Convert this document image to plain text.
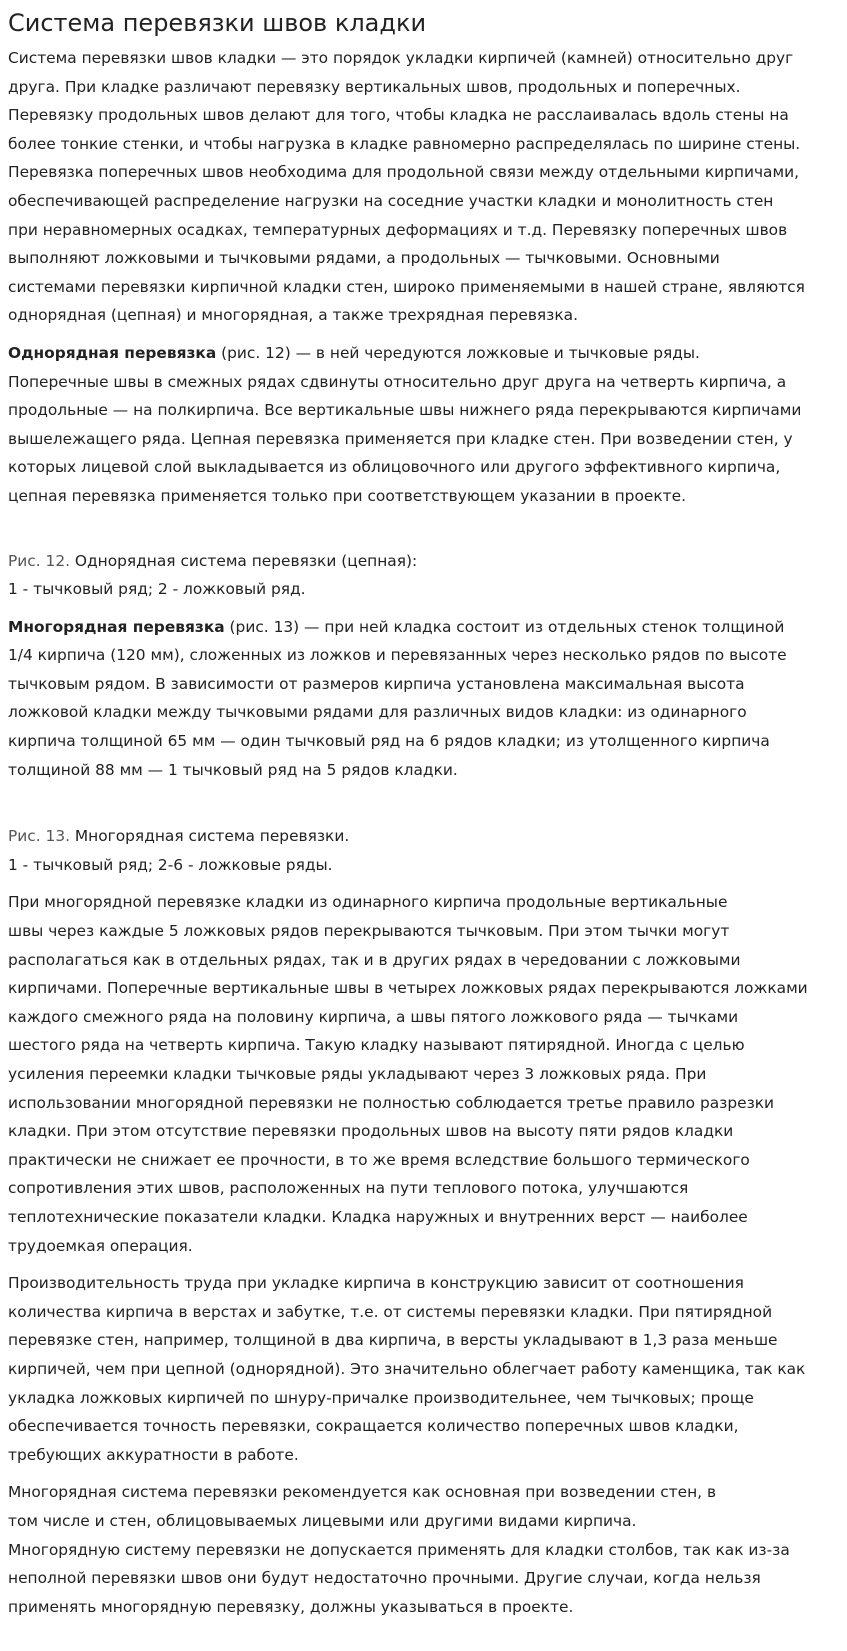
Система перевязки швов кладки

Система перевязки швов кладки — это порядок укладки кирпичей (камней) относительно друг
друга. При кладке различают перевязку вертикальных швов, продольных и поперечных.
Перевязку продольных швов делают для того, чтобы кладка не расслаивалась вдоль стены на
более тонкие стенки, и чтобы нагрузка в кладке равномерно распределялась по ширине стены.
Перевязка поперечных швов необходима для продольной связи между отдельными кирпичами,
обеспечивающей распределение нагрузки на соседние участки кладки и монолитность стен
при неравномерных осадках, температурных деформациях и т.д. Перевязку поперечных швов
выполняют ложковыми и тычковыми рядами, а продольных — тычковыми. Основными
системами перевязки кирпичной кладки стен, широко применяемыми в нашей стране, являются
однорядная (цепная) и многорядная, а также трехрядная перевязка.

Однорядная перевязка (рис. 12) — в ней чередуются ложковые и тычковые ряды.
Поперечные швы в смежных рядах сдвинуты относительно друг друга на четверть кирпича, а
продольные — на полкирпича. Все вертикальные швы нижнего ряда перекрываются кирпичами
вышележащего ряда. Цепная перевязка применяется при кладке стен. При возведении стен, у
которых лицевой слой выкладывается из облицовочного или другого эффективного кирпича,
цепная перевязка применяется только при соответствующем указании в проекте.

Рис. 12. Однорядная система перевязки (цепная):
1 - тычковый ряд; 2 - ложковый ряд.

Многорядная перевязка (рис. 13) — при ней кладка состоит из отдельных стенок толщиной
1/4 кирпича (120 мм), сложенных из ложков и перевязанных через несколько рядов по высоте
тычковым рядом. В зависимости от размеров кирпича установлена максимальная высота
ложковой кладки между тычковыми рядами для различных видов кладки: из одинарного
кирпича толщиной 65 мм — один тычковый ряд на 6 рядов кладки; из утолщенного кирпича
толщиной 88 мм — 1 тычковый ряд на 5 рядов кладки.

Рис. 13. Многорядная система перевязки.
1 - тычковый ряд; 2-6 - ложковые ряды.

При многорядной перевязке кладки из одинарного кирпича продольные вертикальные
швы через каждые 5 ложковых рядов перекрываются тычковым. При этом тычки могут
располагаться как в отдельных рядах, так и в других рядах в чередовании с ложковыми
кирпичами. Поперечные вертикальные швы в четырех ложковых рядах перекрываются ложками
каждого смежного ряда на половину кирпича, а швы пятого ложкового ряда — тычками
шестого ряда на четверть кирпича. Такую кладку называют пятирядной. Иногда с целью
усиления переемки кладки тычковые ряды укладывают через 3 ложковых ряда. При
использовании многорядной перевязки не полностью соблюдается третье правило разрезки
кладки. При этом отсутствие перевязки продольных швов на высоту пяти рядов кладки
практически не снижает ее прочности, в то же время вследствие большого термического
сопротивления этих швов, расположенных на пути теплового потока, улучшаются
теплотехнические показатели кладки. Кладка наружных и внутренних верст — наиболее
трудоемкая операция.

Производительность труда при укладке кирпича в конструкцию зависит от соотношения
количества кирпича в верстах и забутке, т.е. от системы перевязки кладки. При пятирядной
перевязке стен, например, толщиной в два кирпича, в версты укладывают в 1,3 раза меньше
кирпичей, чем при цепной (однорядной). Это значительно облегчает работу каменщика, так как
укладка ложковых кирпичей по шнуру-причалке производительнее, чем тычковых; проще
обеспечивается точность перевязки, сокращается количество поперечных швов кладки,
требующих аккуратности в работе.

Многорядная система перевязки рекомендуется как основная при возведении стен, в
том числе и стен, облицовываемых лицевыми или другими видами кирпича.
Многорядную систему перевязки не допускается применять для кладки столбов, так как из-за
неполной перевязки швов они будут недостаточно прочными. Другие случаи, когда нельзя
применять многорядную перевязку, должны указываться в проекте.
